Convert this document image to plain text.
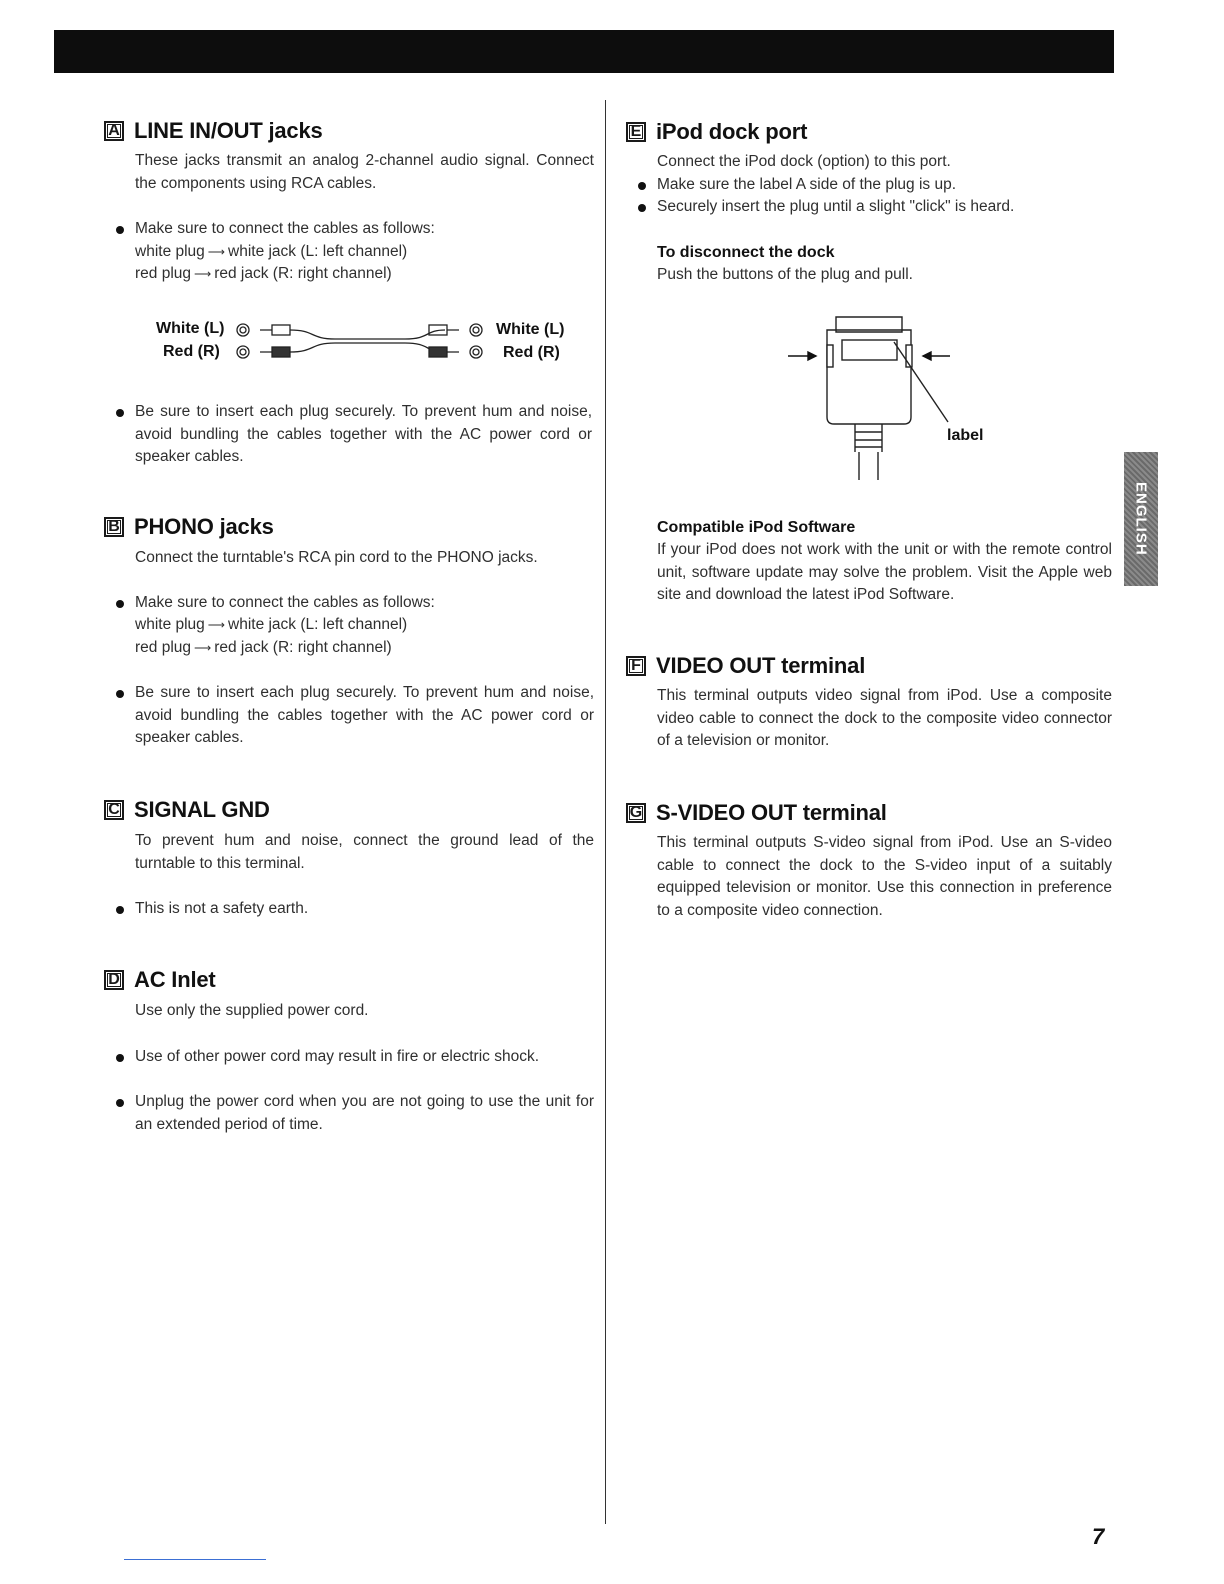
A LINE IN/OUT jacks
These jacks transmit an analog 2-channel audio signal. Connect the components using RCA cables.
Make sure to connect the cables as follows:
white plug ⟶ white jack (L: left channel)
red plug ⟶ red jack (R: right channel)
White (L)
Red (R)
White (L)
Red (R)
Be sure to insert each plug securely. To prevent hum and noise, avoid bundling the cables together with the AC power cord or speaker cables.
B PHONO jacks
Connect the turntable's RCA pin cord to the PHONO jacks.
Make sure to connect the cables as follows:
white plug ⟶ white jack (L: left channel)
red plug ⟶ red jack (R: right channel)
Be sure to insert each plug securely. To prevent hum and noise, avoid bundling the cables together with the AC power cord or speaker cables.
C SIGNAL GND
To prevent hum and noise, connect the ground lead of the turntable to this terminal.
This is not a safety earth.
D AC Inlet
Use only the supplied power cord.
Use of other power cord may result in fire or electric shock.
Unplug the power cord when you are not going to use the unit for an extended period of time.
E iPod dock port
Connect the iPod dock (option) to this port.
Make sure the label A side of the plug is up.
Securely insert the plug until a slight "click" is heard.
To disconnect the dock
Push the buttons of the plug and pull.
label
Compatible iPod Software
If your iPod does not work with the unit or with the remote control unit, software update may solve the problem. Visit the Apple web site and download the latest iPod Software.
F VIDEO OUT terminal
This terminal outputs video signal from iPod. Use a composite video cable to connect the dock to the composite video connector of a television or monitor.
G S-VIDEO OUT terminal
This terminal outputs S-video signal from iPod. Use an S-video cable to connect the dock to the S-video input of a suitably equipped television or monitor. Use this connection in preference to a composite video connection.
ENGLISH
7
